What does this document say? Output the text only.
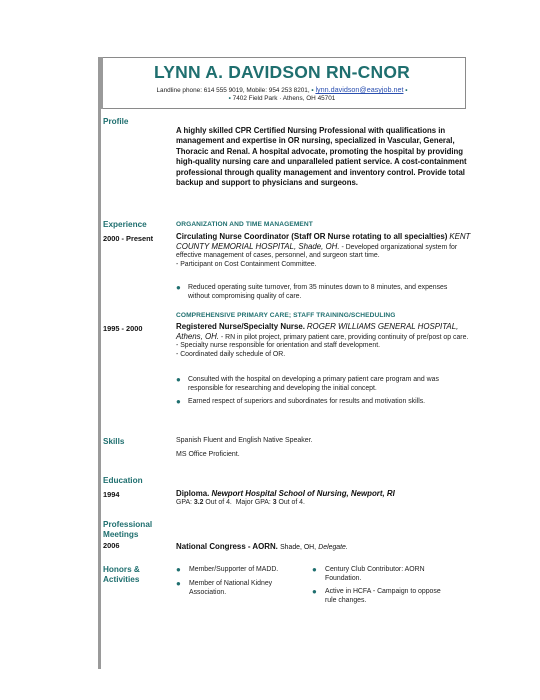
LYNN A. DAVIDSON RN-CNOR
Landline phone: 614 555 9019, Mobile: 954 253 8201, • lynn.davidson@easyjob.net •
• 7402 Field Park · Athens, OH 45701
Profile
A highly skilled CPR Certified Nursing Professional with qualifications in management and expertise in OR nursing, specialized in Vascular, General, Thoracic and Renal. A hospital advocate, promoting the hospital by providing high-quality nursing care and unparalleled patient service. A cost-containment professional through quality management and inventory control. Provide total backup and support to physicians and surgeons.
Experience
2000 - Present
ORGANIZATION AND TIME MANAGEMENT
Circulating Nurse Coordinator (Staff OR Nurse rotating to all specialties) KENT COUNTY MEMORIAL HOSPITAL, Shade, OH. - Developed organizational system for effective management of cases, personnel, and surgeon start time.
- Participant on Cost Containment Committee.
● Reduced operating suite turnover, from 35 minutes down to 8 minutes, and expenses without compromising quality of care.
COMPREHENSIVE PRIMARY CARE; STAFF TRAINING/SCHEDULING
1995 - 2000	Registered Nurse/Specialty Nurse. ROGER WILLIAMS GENERAL HOSPITAL, Athens, OH. - RN in pilot project, primary patient care, providing continuity of pre/post op care.
- Specialty nurse responsible for orientation and staff development.
- Coordinated daily schedule of OR.
● Consulted with the hospital on developing a primary patient care program and was responsible for researching and developing the initial concept.
● Earned respect of superiors and subordinates for results and motivation skills.
Skills	Spanish Fluent and English Native Speaker.
MS Office Proficient.
Education
1994	Diploma. Newport Hospital School of Nursing, Newport, RI
GPA: 3.2 Out of 4. Major GPA: 3 Out of 4.
Professional
Meetings
2006	National Congress - AORN. Shade, OH, Delegate.
Honors &
Activities
● Member/Supporter of MADD.
● Member of National Kidney Association.
● Century Club Contributor: AORN Foundation.
● Active in HCFA - Campaign to oppose rule changes.
